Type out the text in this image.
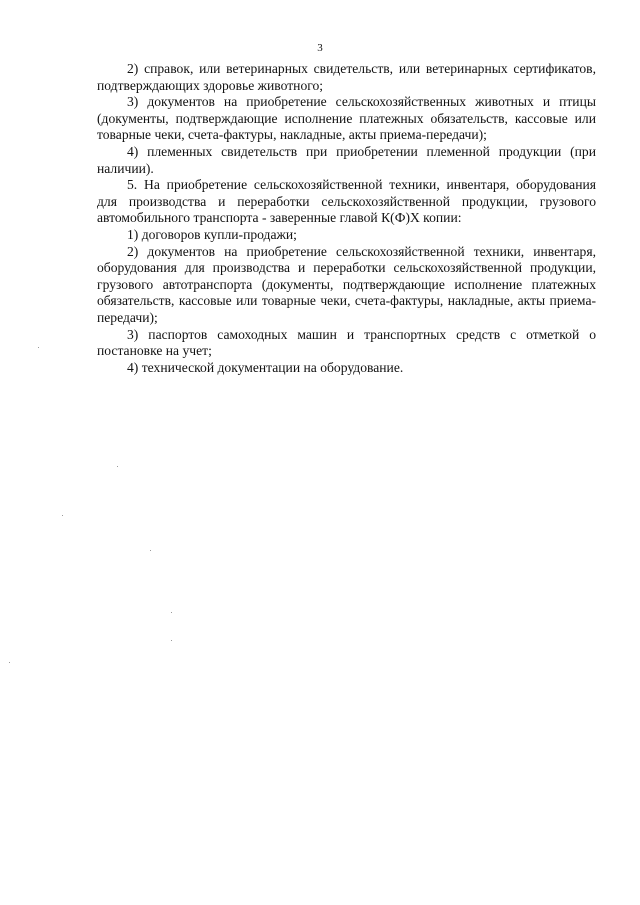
3

2) справок, или ветеринарных свидетельств, или ветеринарных сертификатов, подтверждающих здоровье животного;

3) документов на приобретение сельскохозяйственных животных и птицы (документы, подтверждающие исполнение платежных обязательств, кассовые или товарные чеки, счета-фактуры, накладные, акты приема-передачи);

4) племенных свидетельств при приобретении племенной продукции (при наличии).

5. На приобретение сельскохозяйственной техники, инвентаря, оборудования для производства и переработки сельскохозяйственной продукции, грузового автомобильного транспорта - заверенные главой К(Ф)Х копии:

1) договоров купли-продажи;

2) документов на приобретение сельскохозяйственной техники, инвентаря, оборудования для производства и переработки сельскохозяйственной продукции, грузового автотранспорта (документы, подтверждающие исполнение платежных обязательств, кассовые или товарные чеки, счета-фактуры, накладные, акты приема-передачи);

3) паспортов самоходных машин и транспортных средств с отметкой о постановке на учет;

4) технической документации на оборудование.
